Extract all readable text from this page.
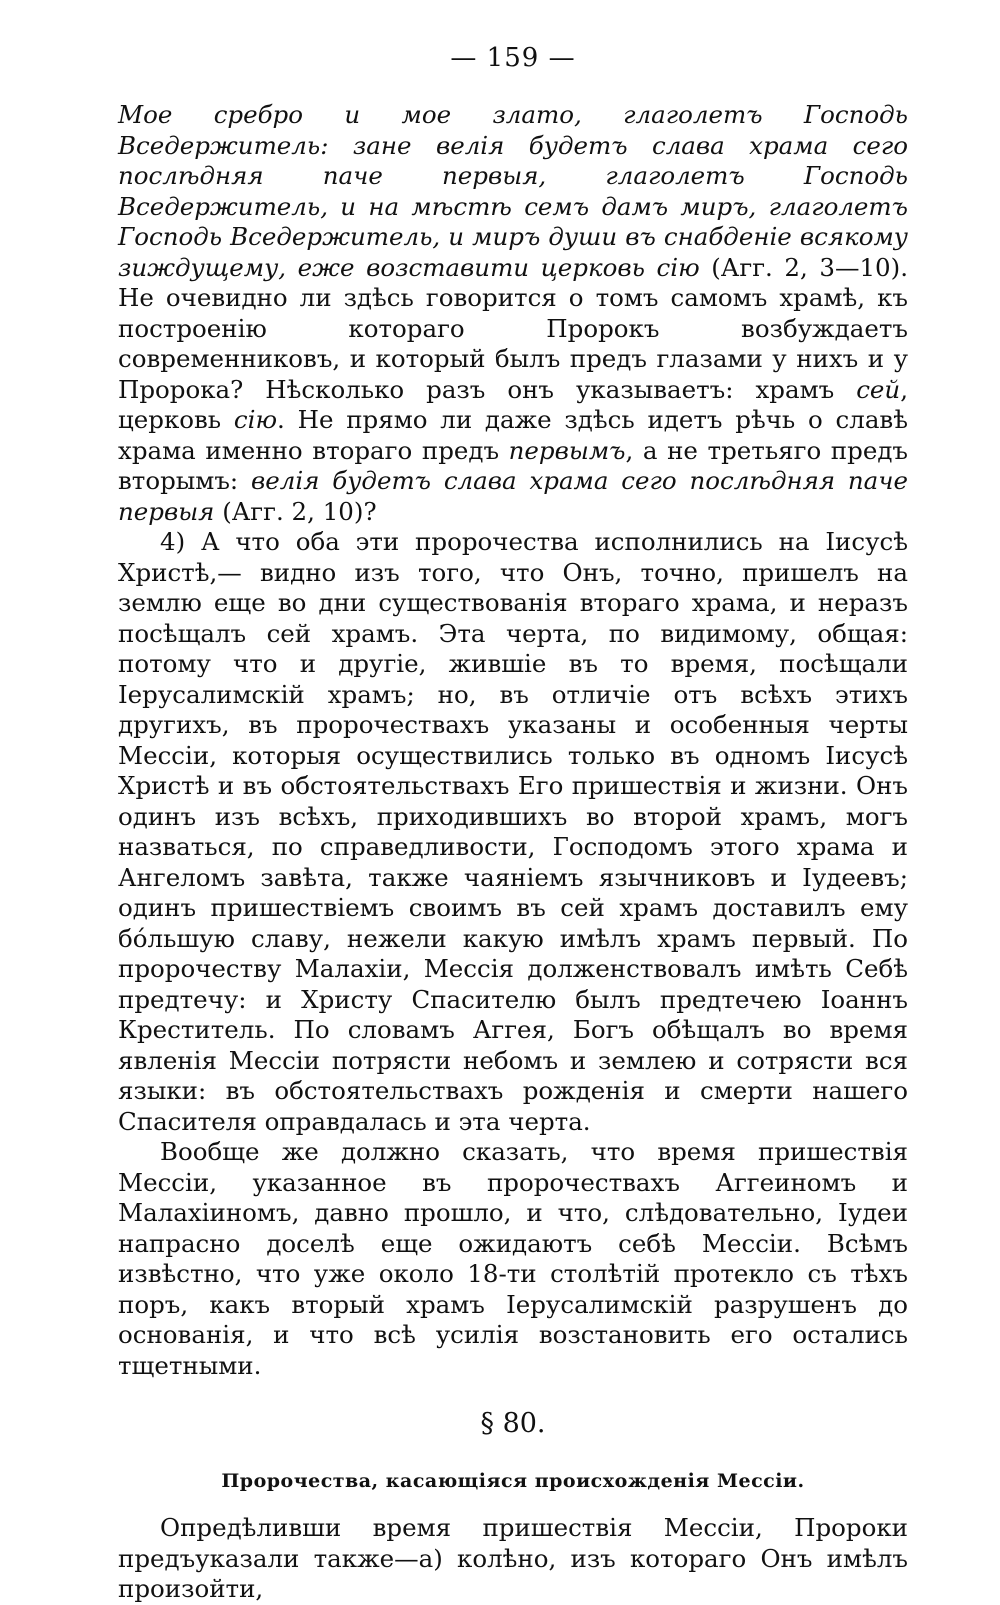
— 159 —

Мое сребро и мое злато, глаголетъ Господь Вседержитель: зане велія будетъ слава храма сего послѣдняя паче первыя, глаголетъ Господь Вседержитель, и на мѣстѣ семъ дамъ миръ, глаголетъ Господь Вседержитель, и миръ души въ снабденіе всякому зиждущему, еже возставити церковь сію (Агг. 2, 3—10). Не очевидно ли здѣсь говорится о томъ самомъ храмѣ, къ построенію котораго Пророкъ возбуждаетъ современниковъ, и который былъ предъ глазами у нихъ и у Пророка? Нѣсколько разъ онъ указываетъ: храмъ сей, церковь сію. Не прямо ли даже здѣсь идетъ рѣчь о славѣ храма именно втораго предъ первымъ, а не третьяго предъ вторымъ: велія будетъ слава храма сего послѣдняя паче первыя (Агг. 2, 10)?

4) А что оба эти пророчества исполнились на Іисусѣ Христѣ,— видно изъ того, что Онъ, точно, пришелъ на землю еще во дни существованія втораго храма, и неразъ посѣщалъ сей храмъ. Эта черта, по видимому, общая: потому что и другіе, жившіе въ то время, посѣщали Іерусалимскій храмъ; но, въ отличіе отъ всѣхъ этихъ другихъ, въ пророчествахъ указаны и особенныя черты Мессіи, которыя осуществились только въ одномъ Іисусѣ Христѣ и въ обстоятельствахъ Его пришествія и жизни. Онъ одинъ изъ всѣхъ, приходившихъ во второй храмъ, могъ назваться, по справедливости, Господомъ этого храма и Ангеломъ завѣта, также чаяніемъ язычниковъ и Іудеевъ; одинъ пришествіемъ своимъ въ сей храмъ доставилъ ему бóльшую славу, нежели какую имѣлъ храмъ первый. По пророчеству Малахіи, Мессія долженствовалъ имѣть Себѣ предтечу: и Христу Спасителю былъ предтечею Іоаннъ Креститель. По словамъ Аггея, Богъ обѣщалъ во время явленія Мессіи потрясти небомъ и землею и сотрясти вся языки: въ обстоятельствахъ рожденія и смерти нашего Спасителя оправдалась и эта черта.

Вообще же должно сказать, что время пришествія Мессіи, указанное въ пророчествахъ Аггеиномъ и Малахіиномъ, давно прошло, и что, слѣдовательно, Іудеи напрасно доселѣ еще ожидаютъ себѣ Мессіи. Всѣмъ извѣстно, что уже около 18-ти столѣтій протекло съ тѣхъ поръ, какъ вторый храмъ Іерусалимскій разрушенъ до основанія, и что всѣ усилія возстановить его остались тщетными.

§ 80.
Пророчества, касающіяся происхожденія Мессіи.

Опредѣливши время пришествія Мессіи, Пророки предъуказали также—а) колѣно, изъ котораго Онъ имѣлъ произойти,
